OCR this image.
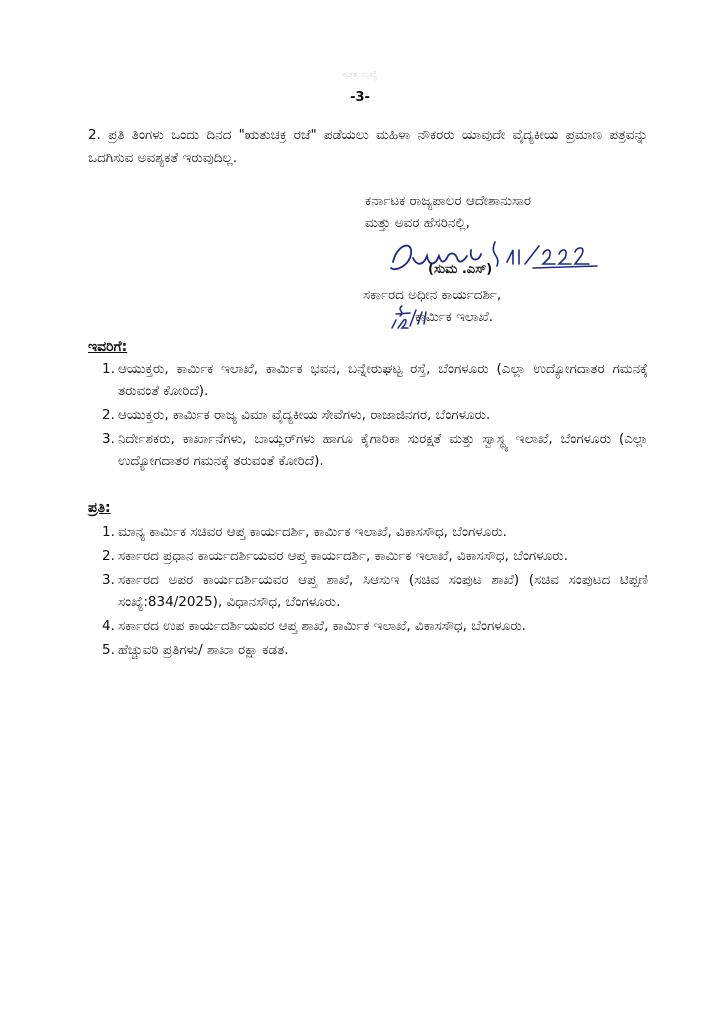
ಕಡತ ಸಂಖ್ಯೆ
-3-
2. ಪ್ರತಿ ತಿಂಗಳು ಒಂದು ದಿನದ "ಋತುಚಕ್ರ ರಜೆ" ಪಡೆಯಲು ಮಹಿಳಾ ನೌಕರರು ಯಾವುದೇ ವೈದ್ಯಕೀಯ ಪ್ರಮಾಣ ಪತ್ರವನ್ನು ಒದಗಿಸುವ ಅವಶ್ಯಕತೆ ಇರುವುದಿಲ್ಲ.
ಕರ್ನಾಟಕ ರಾಜ್ಯಪಾಲರ ಆದೇಶಾನುಸಾರ
ಮತ್ತು ಅವರ ಹೆಸರಿನಲ್ಲಿ,
(ಸುಮ .ಎಸ್)
ಸರ್ಕಾರದ ಅಧೀನ ಕಾರ್ಯದರ್ಶಿ,
ಕಾರ್ಮಿಕ ಇಲಾಖೆ.
ಇವರಿಗೆ:
1. ಆಯುಕ್ತರು, ಕಾರ್ಮಿಕ ಇಲಾಖೆ, ಕಾರ್ಮಿಕ ಭವನ, ಬನ್ನೇರುಘಟ್ಟ ರಸ್ತೆ, ಬೆಂಗಳೂರು (ಎಲ್ಲಾ ಉದ್ಯೋಗದಾತರ ಗಮನಕ್ಕೆ ತರುವಂತೆ ಕೋರಿದೆ).
2. ಆಯುಕ್ತರು, ಕಾರ್ಮಿಕ ರಾಜ್ಯ ವಿಮಾ ವೈದ್ಯಕೀಯ ಸೇವೆಗಳು, ರಾಜಾಜಿನಗರ, ಬೆಂಗಳೂರು.
3. ನಿರ್ದೇಶಕರು, ಕಾರ್ಖಾನೆಗಳು, ಬಾಯ್ಲರ್‌ಗಳು ಹಾಗೂ ಕೈಗಾರಿಕಾ ಸುರಕ್ಷತೆ ಮತ್ತು ಸ್ವಾಸ್ಥ್ಯ ಇಲಾಖೆ, ಬೆಂಗಳೂರು (ಎಲ್ಲಾ ಉದ್ಯೋಗದಾತರ ಗಮನಕ್ಕೆ ತರುವಂತೆ ಕೋರಿದೆ).
ಪ್ರತಿ:
1. ಮಾನ್ಯ ಕಾರ್ಮಿಕ ಸಚಿವರ ಆಪ್ತ ಕಾರ್ಯದರ್ಶಿ, ಕಾರ್ಮಿಕ ಇಲಾಖೆ, ವಿಕಾಸಸೌಧ, ಬೆಂಗಳೂರು.
2. ಸರ್ಕಾರದ ಪ್ರಧಾನ ಕಾರ್ಯದರ್ಶಿಯವರ ಆಪ್ತ ಕಾರ್ಯದರ್ಶಿ, ಕಾರ್ಮಿಕ ಇಲಾಖೆ, ವಿಕಾಸಸೌಧ, ಬೆಂಗಳೂರು.
3. ಸರ್ಕಾರದ ಅಪರ ಕಾರ್ಯದರ್ಶಿಯವರ ಆಪ್ತ ಶಾಖೆ, ಸಿಆಸುಇ (ಸಚಿವ ಸಂಪುಟ ಶಾಖೆ) (ಸಚಿವ ಸಂಪುಟದ ಟಿಪ್ಪಣಿ ಸಂಖ್ಯೆ:834/2025), ವಿಧಾನಸೌಧ, ಬೆಂಗಳೂರು.
4. ಸರ್ಕಾರದ ಉಪ ಕಾರ್ಯದರ್ಶಿಯವರ ಆಪ್ತ ಶಾಖೆ, ಕಾರ್ಮಿಕ ಇಲಾಖೆ, ವಿಕಾಸಸೌಧ, ಬೆಂಗಳೂರು.
5. ಹೆಚ್ಚುವರಿ ಪ್ರತಿಗಳು/ ಶಾಖಾ ರಕ್ಷಾ ಕಡತ.
